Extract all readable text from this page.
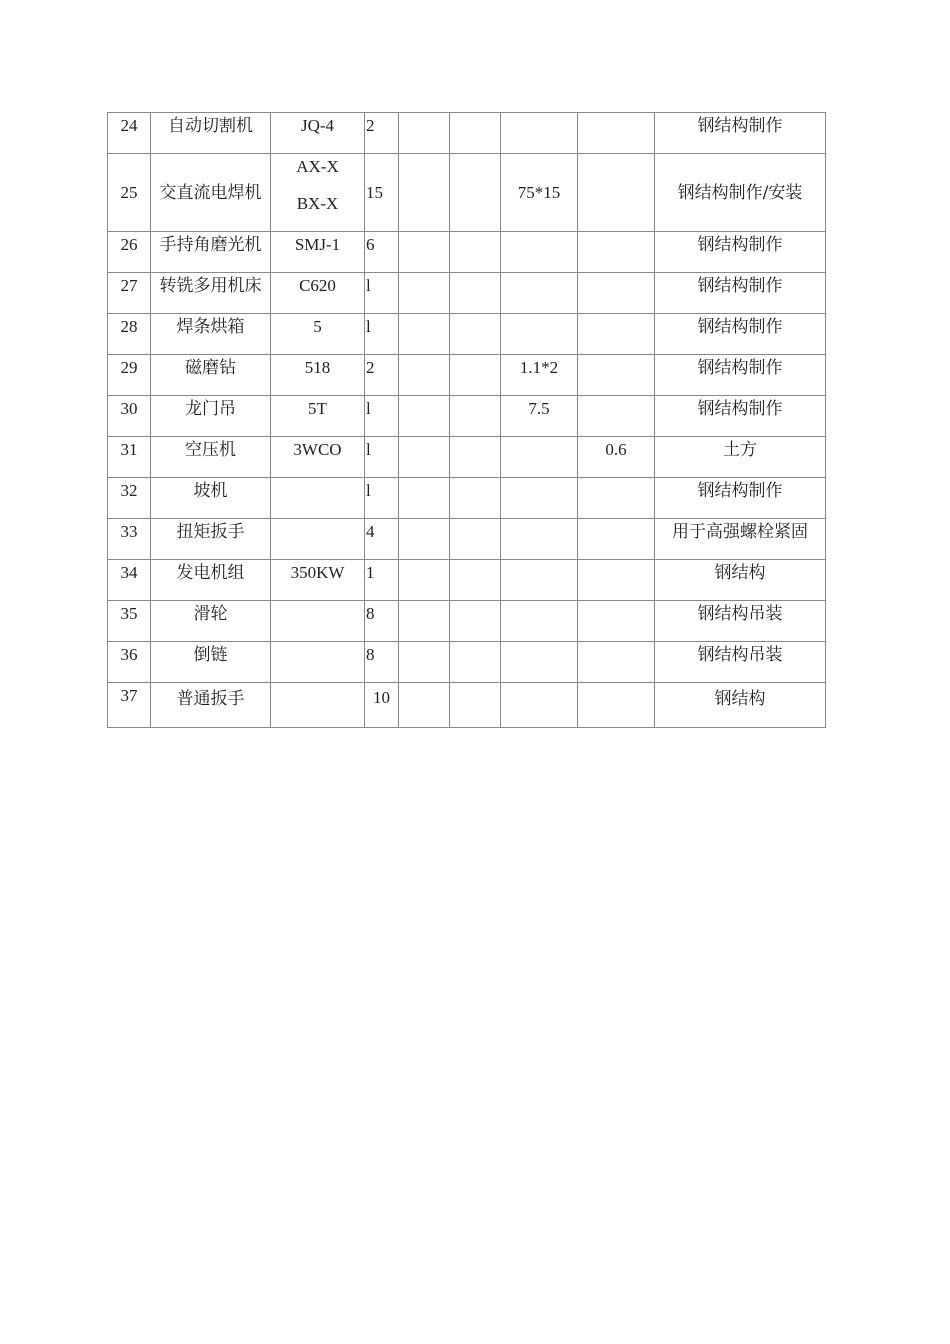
24	自动切割机	JQ-4	2					钢结构制作
25	交直流电焊机	AX-X
BX-X	15			75*15		钢结构制作/安装
26	手持角磨光机	SMJ-1	6					钢结构制作
27	转铣多用机床	C620	l					钢结构制作
28	焊条烘箱	5	l					钢结构制作
29	磁磨钻	518	2			1.1*2		钢结构制作
30	龙门吊	5T	l			7.5		钢结构制作
31	空压机	3WCO	l				0.6	土方
32	坡机		l					钢结构制作
33	扭矩扳手		4					用于高强螺栓紧固
34	发电机组	350KW	1					钢结构
35	滑轮		8					钢结构吊装
36	倒链		8					钢结构吊装
37	普通扳手		10					钢结构
